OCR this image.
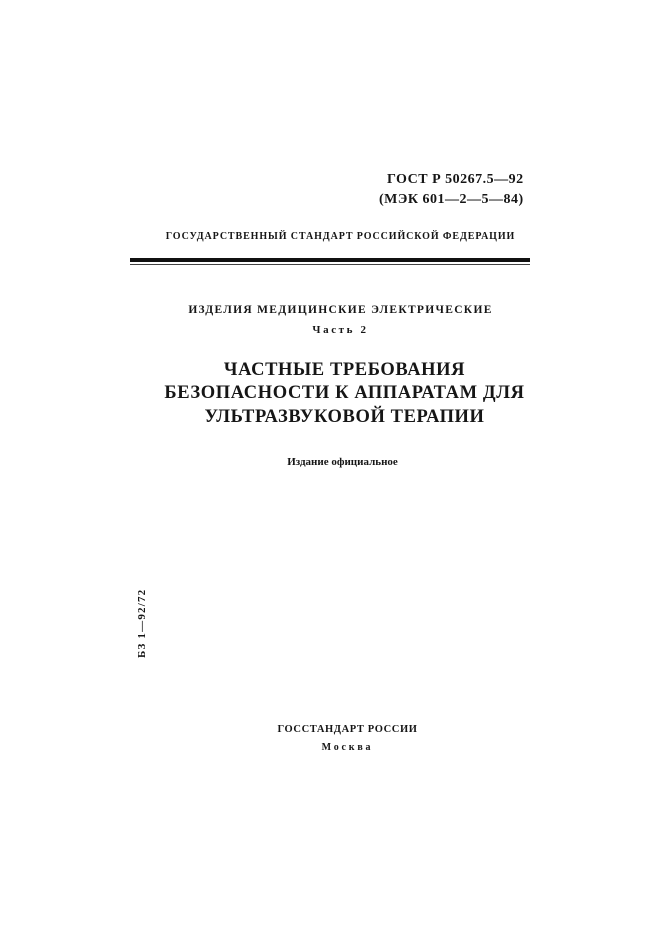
ГОСТ Р 50267.5—92
(МЭК 601—2—5—84)
ГОСУДАРСТВЕННЫЙ СТАНДАРТ РОССИЙСКОЙ ФЕДЕРАЦИИ
ИЗДЕЛИЯ МЕДИЦИНСКИЕ ЭЛЕКТРИЧЕСКИЕ
Часть 2
ЧАСТНЫЕ ТРЕБОВАНИЯ
БЕЗОПАСНОСТИ К АППАРАТАМ ДЛЯ
УЛЬТРАЗВУКОВОЙ ТЕРАПИИ
Издание официальное
БЗ 1—92/72
ГОССТАНДАРТ РОССИИ
Москва
